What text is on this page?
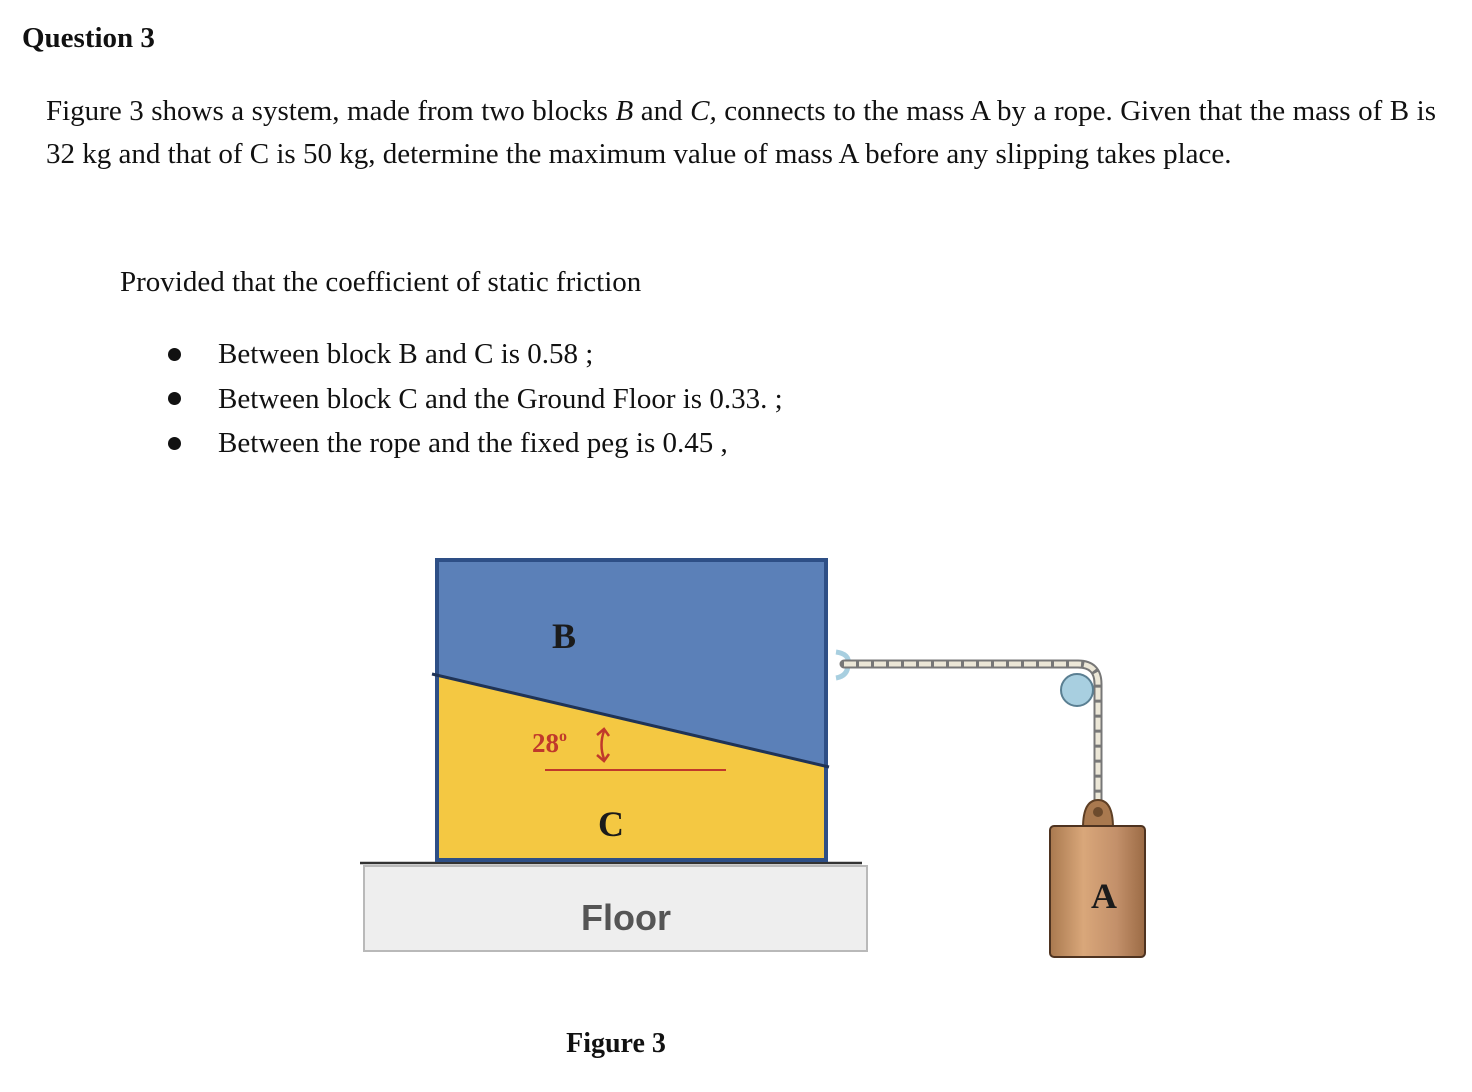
Question 3

Figure 3 shows a system, made from two blocks B and C, connects to the mass A by a rope. Given that the mass of B is 32 kg and that of C is 50 kg, determine the maximum value of mass A before any slipping takes place.

Provided that the coefficient of static friction

Between block B and C is 0.58 ;
Between block C and the Ground Floor is 0.33. ;
Between the rope and the fixed peg is 0.45 ,
Floor
B
C
28$^o$
A
Figure 3
